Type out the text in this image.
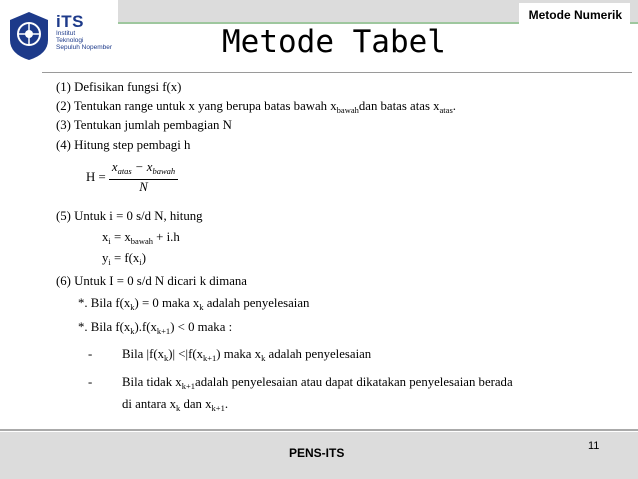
iTS
Institut
Teknologi
Sepuluh Nopember
Metode Numerik
Metode Tabel
(1) Defisikan fungsi f(x)
(2) Tentukan range untuk x yang berupa batas bawah $x_{bawah}dan$ batas atas $x_{atas}$.
(3) Tentukan jumlah pembagian N
(4) Hitung step pembagi h
$H = \frac{x_{atas} - x_{bawah}}{N}$
(5) Untuk i = 0 s/d N, hitung
$x_i = x_{bawah} + i.h$
$y_i = f(x_i)$
(6) Untuk I = 0 s/d N dicari k dimana
*. Bila $f(x_k) = 0$ maka $x_k$ adalah penyelesaian
*. Bila $f(x_k).f(x_{k+1}) < 0$ maka :
- Bila $|f(x_k)| <|f(x_{k+1})$ maka $x_k$ adalah penyelesaian
- Bila tidak $x_{k+1}adalah$ penyelesaian atau dapat dikatakan penyelesaian berada
di antara $x_k$ dan $x_{k+1}$.
PENS-ITS	11
